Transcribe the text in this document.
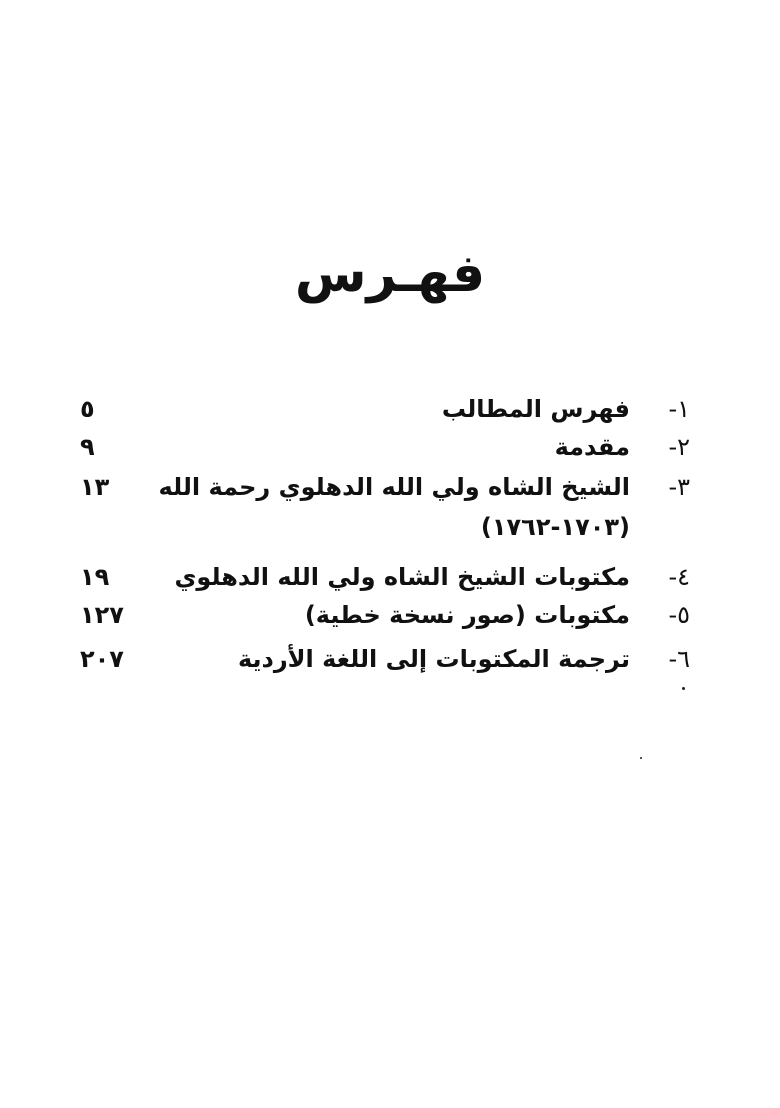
فهـرس
١-
فهرس المطالب
٥
٢-
مقدمة
٩
٣-
الشيخ الشاه ولي الله الدهلوي رحمة الله
(١٧٠٣-١٧٦٢)
١٣
٤-
مكتوبات الشيخ الشاه ولي الله الدهلوي
١٩
٥-
مكتوبات (صور نسخة خطية)
١٢٧
٦-
ترجمة المكتوبات إلى اللغة الأردية
٢٠٧
